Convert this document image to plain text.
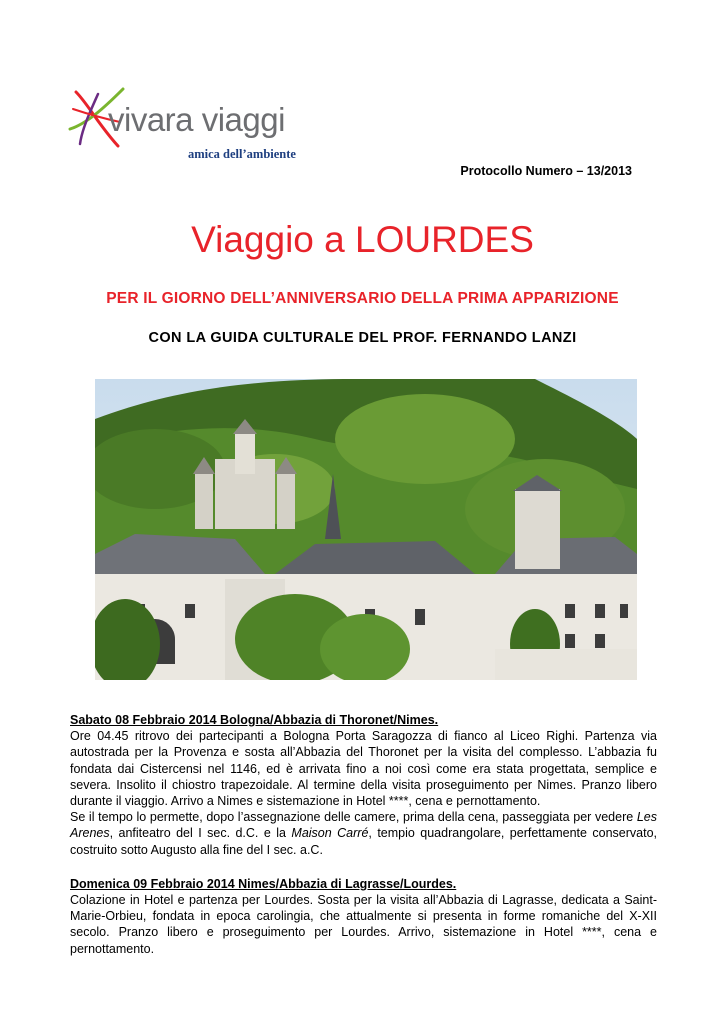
vivara viaggi
amica dell’ambiente
Protocollo Numero – 13/2013
Viaggio a LOURDES
PER IL GIORNO DELL’ANNIVERSARIO DELLA PRIMA APPARIZIONE
CON LA GUIDA CULTURALE DEL PROF. FERNANDO LANZI
Sabato 08 Febbraio 2014 Bologna/Abbazia di Thoronet/Nimes.
Ore 04.45 ritrovo dei partecipanti a Bologna Porta Saragozza di fianco al Liceo Righi. Partenza via autostrada per la Provenza e sosta all’Abbazia del Thoronet per la visita del complesso. L’abbazia fu fondata dai Cistercensi nel 1146, ed è arrivata fino a noi così come era stata progettata, semplice e severa. Insolito il chiostro trapezoidale. Al termine della visita proseguimento per Nimes. Pranzo libero durante il viaggio. Arrivo a Nimes e sistemazione in Hotel ****, cena e pernottamento.
Se il tempo lo permette, dopo l’assegnazione delle camere, prima della cena, passeggiata per vedere Les Arenes, anfiteatro del I sec. d.C. e la Maison Carré, tempio quadrangolare, perfettamente conservato, costruito sotto Augusto alla fine del I sec. a.C.
Domenica 09 Febbraio 2014 Nimes/Abbazia di Lagrasse/Lourdes.
Colazione in Hotel e partenza per Lourdes. Sosta per la visita all’Abbazia di Lagrasse, dedicata a Saint-Marie-Orbieu, fondata in epoca carolingia, che attualmente si presenta in forme romaniche del X-XII secolo. Pranzo libero e proseguimento per Lourdes. Arrivo, sistemazione in Hotel ****, cena e pernottamento.
